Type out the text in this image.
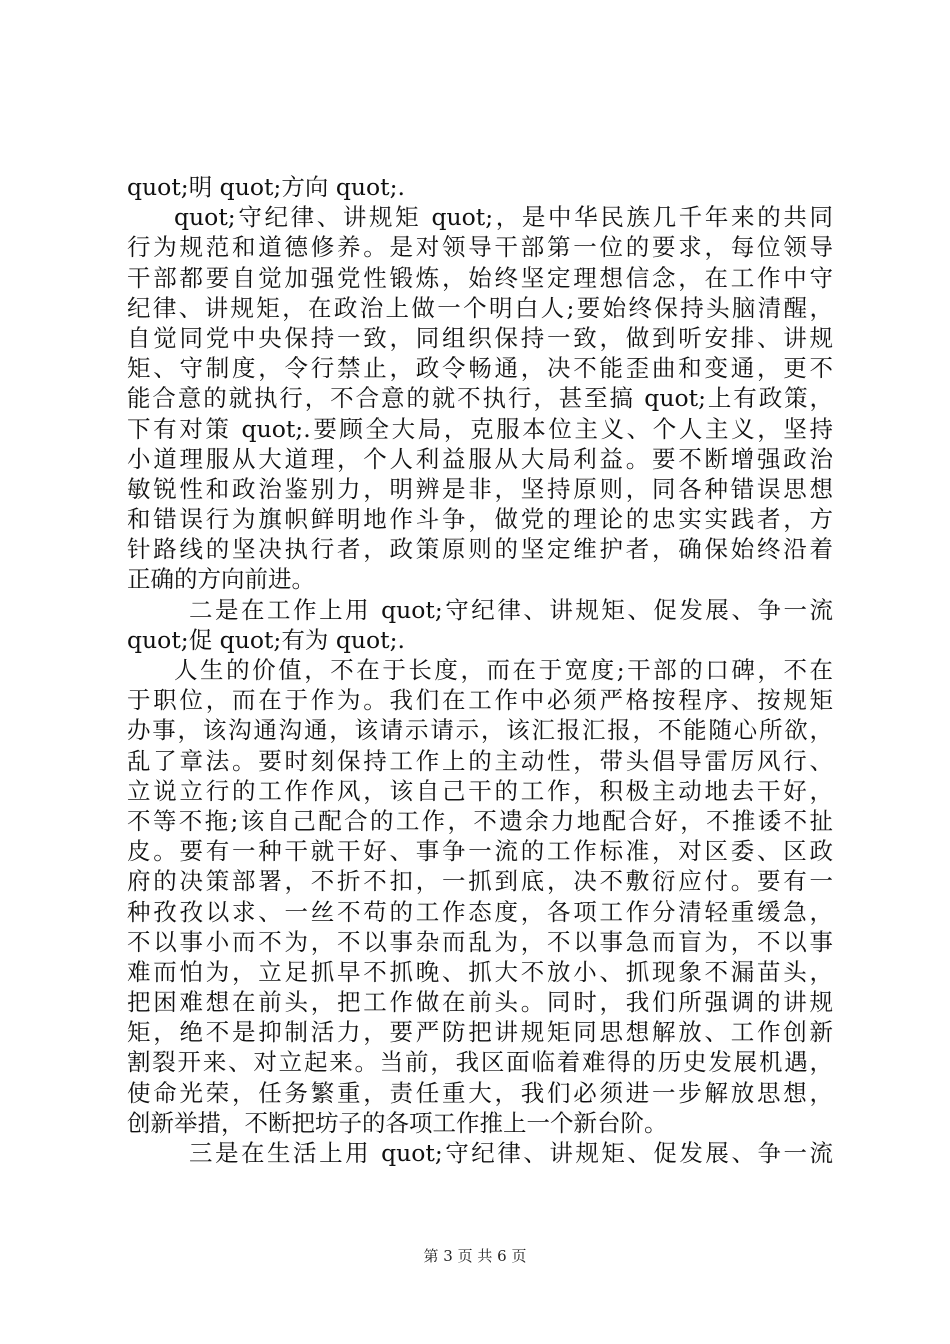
quot;明 quot;方向 quot;.
quot;守纪律、讲规矩 quot;，是中华民族几千年来的共同
行为规范和道德修养。是对领导干部第一位的要求，每位领导
干部都要自觉加强党性锻炼，始终坚定理想信念，在工作中守
纪律、讲规矩，在政治上做一个明白人;要始终保持头脑清醒，
自觉同党中央保持一致，同组织保持一致，做到听安排、讲规
矩、守制度，令行禁止，政令畅通，决不能歪曲和变通，更不
能合意的就执行，不合意的就不执行，甚至搞 quot;上有政策，
下有对策 quot;.要顾全大局，克服本位主义、个人主义，坚持
小道理服从大道理，个人利益服从大局利益。要不断增强政治
敏锐性和政治鉴别力，明辨是非，坚持原则，同各种错误思想
和错误行为旗帜鲜明地作斗争，做党的理论的忠实实践者，方
针路线的坚决执行者，政策原则的坚定维护者，确保始终沿着
正确的方向前进。
二是在工作上用 quot;守纪律、讲规矩、促发展、争一流
quot;促 quot;有为 quot;.
人生的价值，不在于长度，而在于宽度;干部的口碑，不在
于职位，而在于作为。我们在工作中必须严格按程序、按规矩
办事，该沟通沟通，该请示请示，该汇报汇报，不能随心所欲，
乱了章法。要时刻保持工作上的主动性，带头倡导雷厉风行、
立说立行的工作作风，该自己干的工作，积极主动地去干好，
不等不拖;该自己配合的工作，不遗余力地配合好，不推诿不扯
皮。要有一种干就干好、事争一流的工作标准，对区委、区政
府的决策部署，不折不扣，一抓到底，决不敷衍应付。要有一
种孜孜以求、一丝不苟的工作态度，各项工作分清轻重缓急，
不以事小而不为，不以事杂而乱为，不以事急而盲为，不以事
难而怕为，立足抓早不抓晚、抓大不放小、抓现象不漏苗头，
把困难想在前头，把工作做在前头。同时，我们所强调的讲规
矩，绝不是抑制活力，要严防把讲规矩同思想解放、工作创新
割裂开来、对立起来。当前，我区面临着难得的历史发展机遇，
使命光荣，任务繁重，责任重大，我们必须进一步解放思想，
创新举措，不断把坊子的各项工作推上一个新台阶。
三是在生活上用 quot;守纪律、讲规矩、促发展、争一流
第 3 页 共 6 页
